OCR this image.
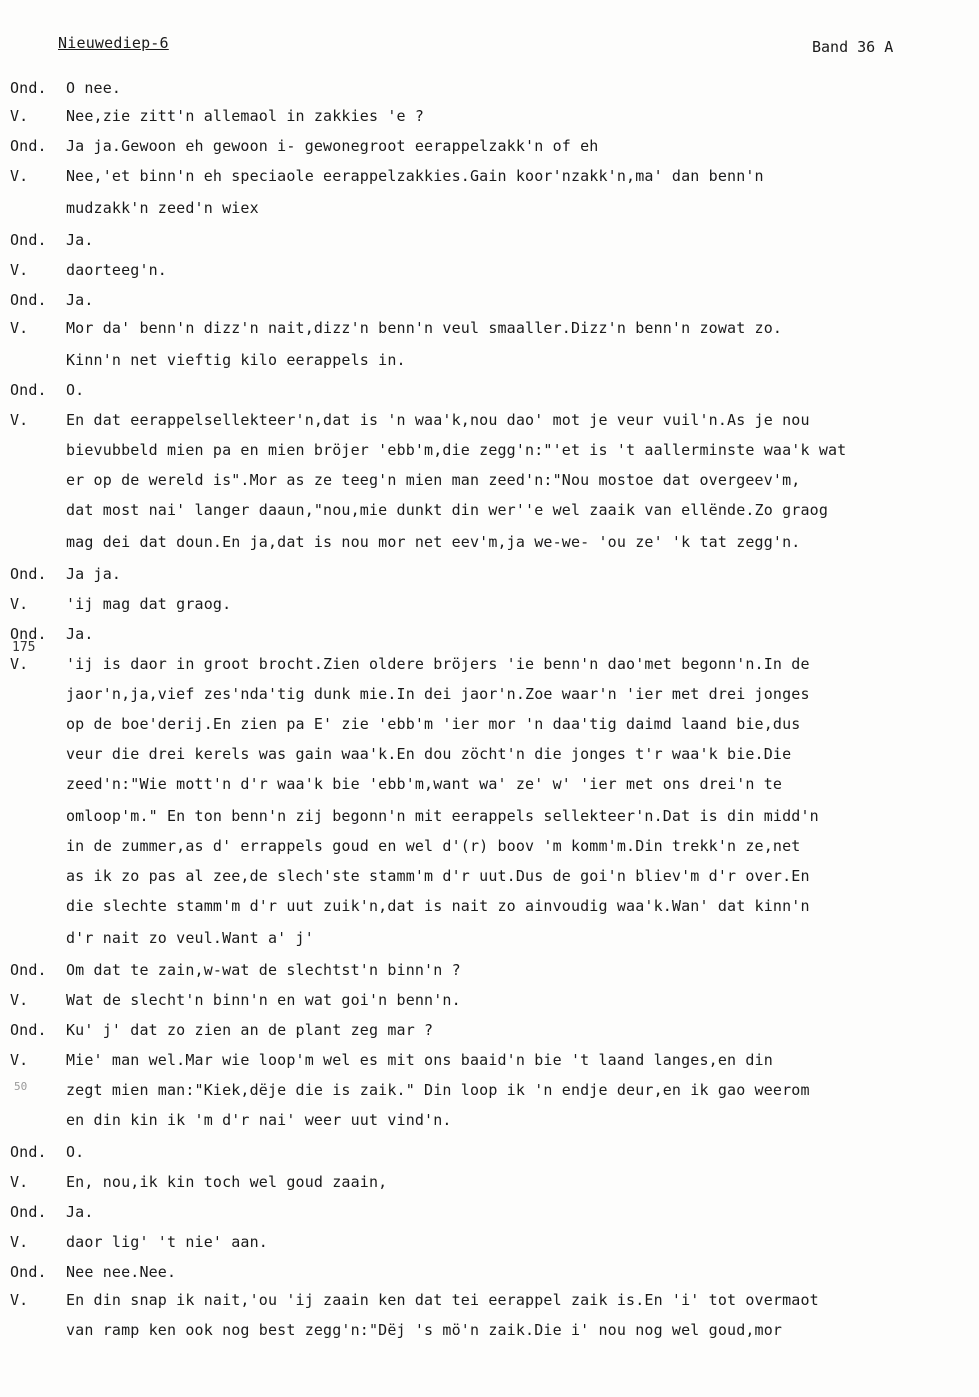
Nieuwediep-6	Band 36 A
175
50
Ond.	O nee.
V.	Nee,zie zitt'n allemaol in zakkies 'e ?
Ond.	Ja ja.Gewoon eh gewoon i- gewonegroot eerappelzakk'n of eh
V.	Nee,'et binn'n eh speciaole eerappelzakkies.Gain koor'nzakk'n,ma' dan benn'n
mudzakk'n zeed'n wiex
Ond.	Ja.
V.	daorteeg'n.
Ond.	Ja.
V.	Mor da' benn'n dizz'n nait,dizz'n benn'n veul smaaller.Dizz'n benn'n zowat zo.
Kinn'n net vieftig kilo eerappels in.
Ond.	O.
V.	En dat eerappelsellekteer'n,dat is 'n waa'k,nou dao' mot je veur vuil'n.As je nou
bievubbeld mien pa en mien bröjer 'ebb'm,die zegg'n:"'et is 't aallerminste waa'k wat
er op de wereld is".Mor as ze teeg'n mien man zeed'n:"Nou mostoe dat overgeev'm,
dat most nai' langer daaun,"nou,mie dunkt din wer''e wel zaaik van ellënde.Zo graog
mag dei dat doun.En ja,dat is nou mor net eev'm,ja we-we- 'ou ze' 'k tat zegg'n.
Ond.	Ja ja.
V.	'ij mag dat graog.
Ond.	Ja.
V.	'ij is daor in groot brocht.Zien oldere bröjers 'ie benn'n dao'met begonn'n.In de
jaor'n,ja,vief zes'nda'tig dunk mie.In dei jaor'n.Zoe waar'n 'ier met drei jonges
op de boe'derij.En zien pa E' zie 'ebb'm 'ier mor 'n daa'tig daimd laand bie,dus
veur die drei kerels was gain waa'k.En dou zöcht'n die jonges t'r waa'k bie.Die
zeed'n:"Wie mott'n d'r waa'k bie 'ebb'm,want wa' ze' w' 'ier met ons drei'n te
omloop'm." En ton benn'n zij begonn'n mit eerappels sellekteer'n.Dat is din midd'n
in de zummer,as d' errappels goud en wel d'(r) boov 'm komm'm.Din trekk'n ze,net
as ik zo pas al zee,de slech'ste stamm'm d'r uut.Dus de goi'n bliev'm d'r over.En
die slechte stamm'm d'r uut zuik'n,dat is nait zo ainvoudig waa'k.Wan' dat kinn'n
d'r nait zo veul.Want a' j'
Ond.	Om dat te zain,w-wat de slechtst'n binn'n ?
V.	Wat de slecht'n binn'n en wat goi'n benn'n.
Ond.	Ku' j' dat zo zien an de plant zeg mar ?
V.	Mie' man wel.Mar wie loop'm wel es mit ons baaid'n bie 't laand langes,en din
zegt mien man:"Kiek,dëje die is zaik." Din loop ik 'n endje deur,en ik gao weerom
en din kin ik 'm d'r nai' weer uut vind'n.
Ond.	O.
V.	En, nou,ik kin toch wel goud zaain,
Ond.	Ja.
V.	daor lig' 't nie' aan.
Ond.	Nee nee.Nee.
V.	En din snap ik nait,'ou 'ij zaain ken dat tei eerappel zaik is.En 'i' tot overmaot
van ramp ken ook nog best zegg'n:"Dëj 's mö'n zaik.Die i' nou nog wel goud,mor
